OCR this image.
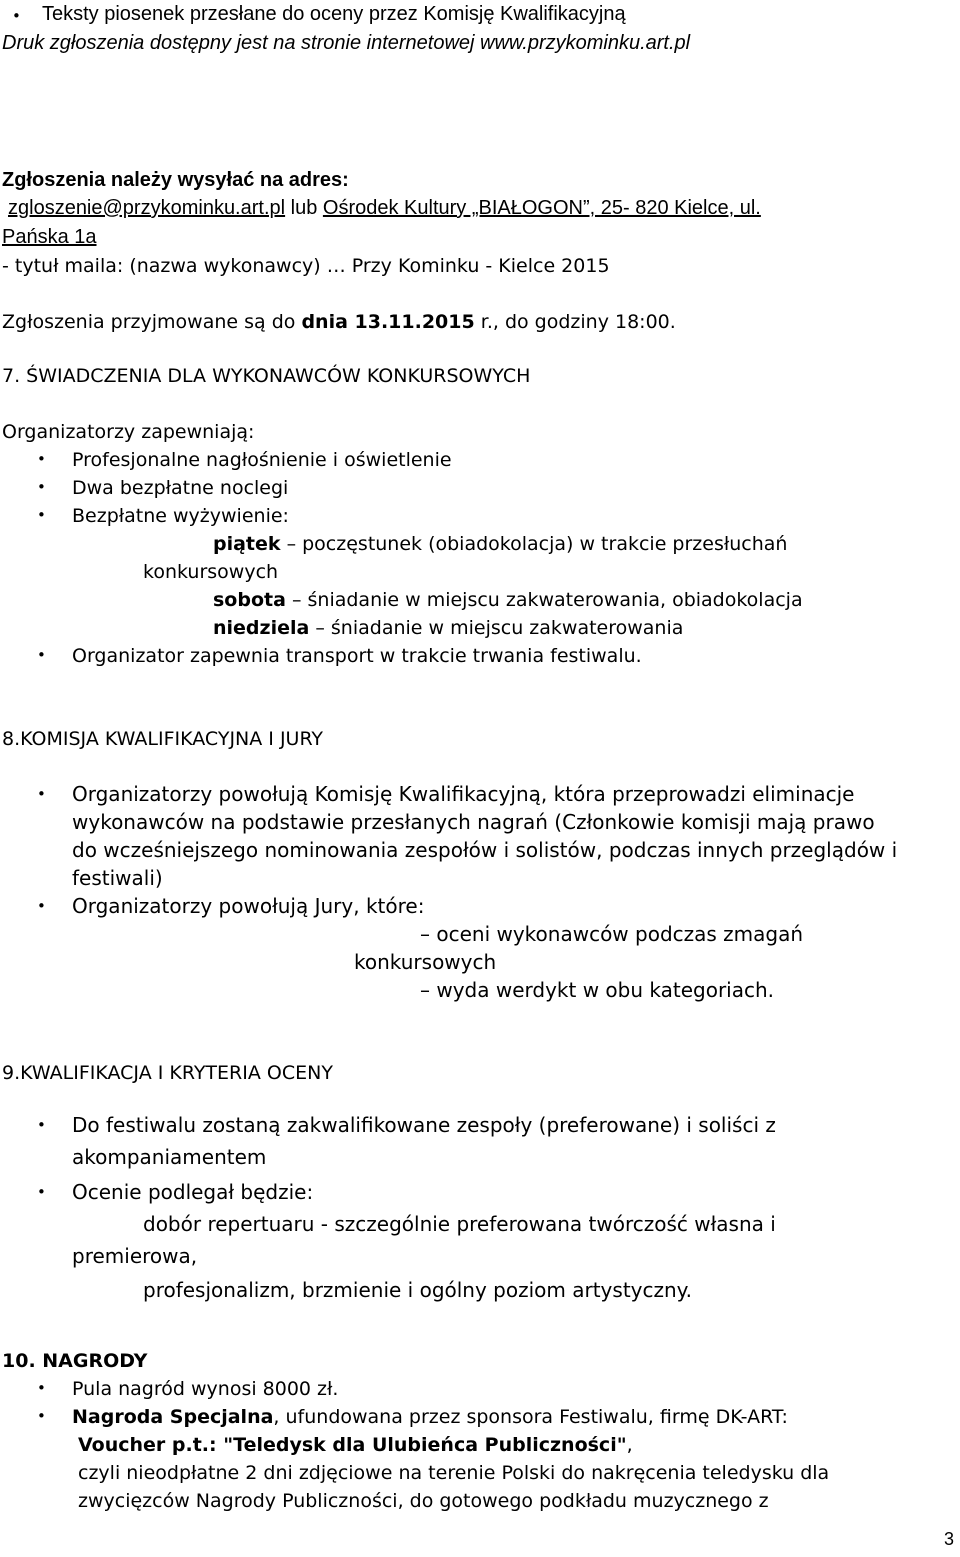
• Teksty piosenek przesłane do oceny przez Komisję Kwalifikacyjną
Druk zgłoszenia dostępny jest na stronie internetowej www.przykominku.art.pl
Zgłoszenia należy wysyłać na adres:
zgloszenie@przykominku.art.pl lub Ośrodek Kultury „BIAŁOGON”, 25- 820 Kielce, ul.
Pańska 1a
- tytuł maila: (nazwa wykonawcy) … Przy Kominku - Kielce 2015
Zgłoszenia przyjmowane są do dnia 13.11.2015 r., do godziny 18:00.
7. ŚWIADCZENIA DLA WYKONAWCÓW KONKURSOWYCH
Organizatorzy zapewniają:
• Profesjonalne nagłośnienie i oświetlenie
• Dwa bezpłatne noclegi
• Bezpłatne wyżywienie:
piątek – poczęstunek (obiadokolacja) w trakcie przesłuchań
konkursowych
sobota – śniadanie w miejscu zakwaterowania, obiadokolacja
niedziela – śniadanie w miejscu zakwaterowania
• Organizator zapewnia transport w trakcie trwania festiwalu.
8.KOMISJA KWALIFIKACYJNA I JURY
• Organizatorzy powołują Komisję Kwalifikacyjną, która przeprowadzi eliminacje
wykonawców na podstawie przesłanych nagrań (Członkowie komisji mają prawo
do wcześniejszego nominowania zespołów i solistów, podczas innych przeglądów i
festiwali)
• Organizatorzy powołują Jury, które:
– oceni wykonawców podczas zmagań
konkursowych
– wyda werdykt w obu kategoriach.
9.KWALIFIKACJA I KRYTERIA OCENY
• Do festiwalu zostaną zakwalifikowane zespoły (preferowane) i soliści z
akompaniamentem
• Ocenie podlegał będzie:
dobór repertuaru - szczególnie preferowana twórczość własna i
premierowa,
profesjonalizm, brzmienie i ogólny poziom artystyczny.
10. NAGRODY
• Pula nagród wynosi 8000 zł.
• Nagroda Specjalna, ufundowana przez sponsora Festiwalu, firmę DK-ART:
Voucher p.t.: "Teledysk dla Ulubieńca Publiczności",
czyli nieodpłatne 2 dni zdjęciowe na terenie Polski do nakręcenia teledysku dla
zwycięzców Nagrody Publiczności, do gotowego podkładu muzycznego z
3
